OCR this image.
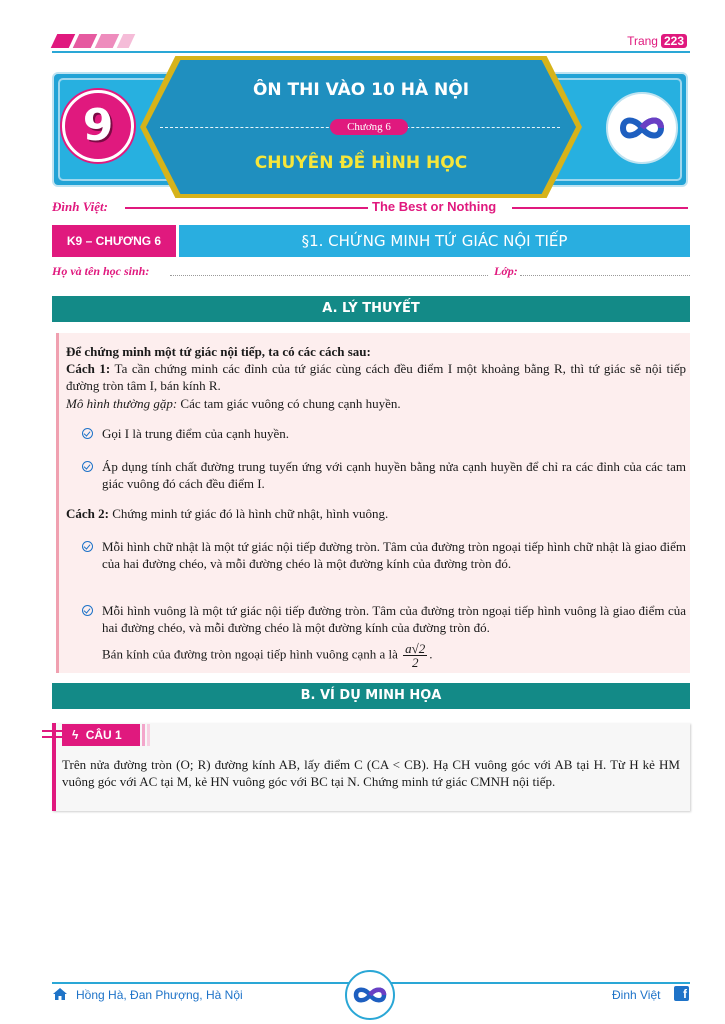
Trang 223
ÔN THI VÀO 10 HÀ NỘI
Chương 6
CHUYÊN ĐỀ HÌNH HỌC
9
Đình Việt:	The Best or Nothing
K9 – CHƯƠNG 6	§1. CHỨNG MINH TỨ GIÁC NỘI TIẾP
Họ và tên học sinh:	Lớp:
A. LÝ THUYẾT
Để chứng minh một tứ giác nội tiếp, ta có các cách sau:
Cách 1: Ta cần chứng minh các đỉnh của tứ giác cùng cách đều điểm I một khoảng bằng R, thì tứ giác sẽ nội tiếp đường tròn tâm I, bán kính R.
Mô hình thường gặp: Các tam giác vuông có chung cạnh huyền.
Gọi I là trung điểm của cạnh huyền.
Áp dụng tính chất đường trung tuyến ứng với cạnh huyền bằng nửa cạnh huyền để chỉ ra các đỉnh của các tam giác vuông đó cách đều điểm I.
Cách 2: Chứng minh tứ giác đó là hình chữ nhật, hình vuông.
Mỗi hình chữ nhật là một tứ giác nội tiếp đường tròn. Tâm của đường tròn ngoại tiếp hình chữ nhật là giao điểm của hai đường chéo, và mỗi đường chéo là một đường kính của đường tròn đó.
Mỗi hình vuông là một tứ giác nội tiếp đường tròn. Tâm của đường tròn ngoại tiếp hình vuông là giao điểm của hai đường chéo, và mỗi đường chéo là một đường kính của đường tròn đó.
Bán kính của đường tròn ngoại tiếp hình vuông cạnh a là $\frac{a√2}{2}$ .
B. VÍ DỤ MINH HỌA
ϟ CÂU 1
Trên nửa đường tròn (O; R) đường kính AB, lấy điểm C (CA < CB). Hạ CH vuông góc với AB tại H. Từ H kẻ HM vuông góc với AC tại M, kẻ HN vuông góc với BC tại N. Chứng minh tứ giác CMNH nội tiếp.
Hồng Hà, Đan Phượng, Hà Nội	Đinh Việt	f
